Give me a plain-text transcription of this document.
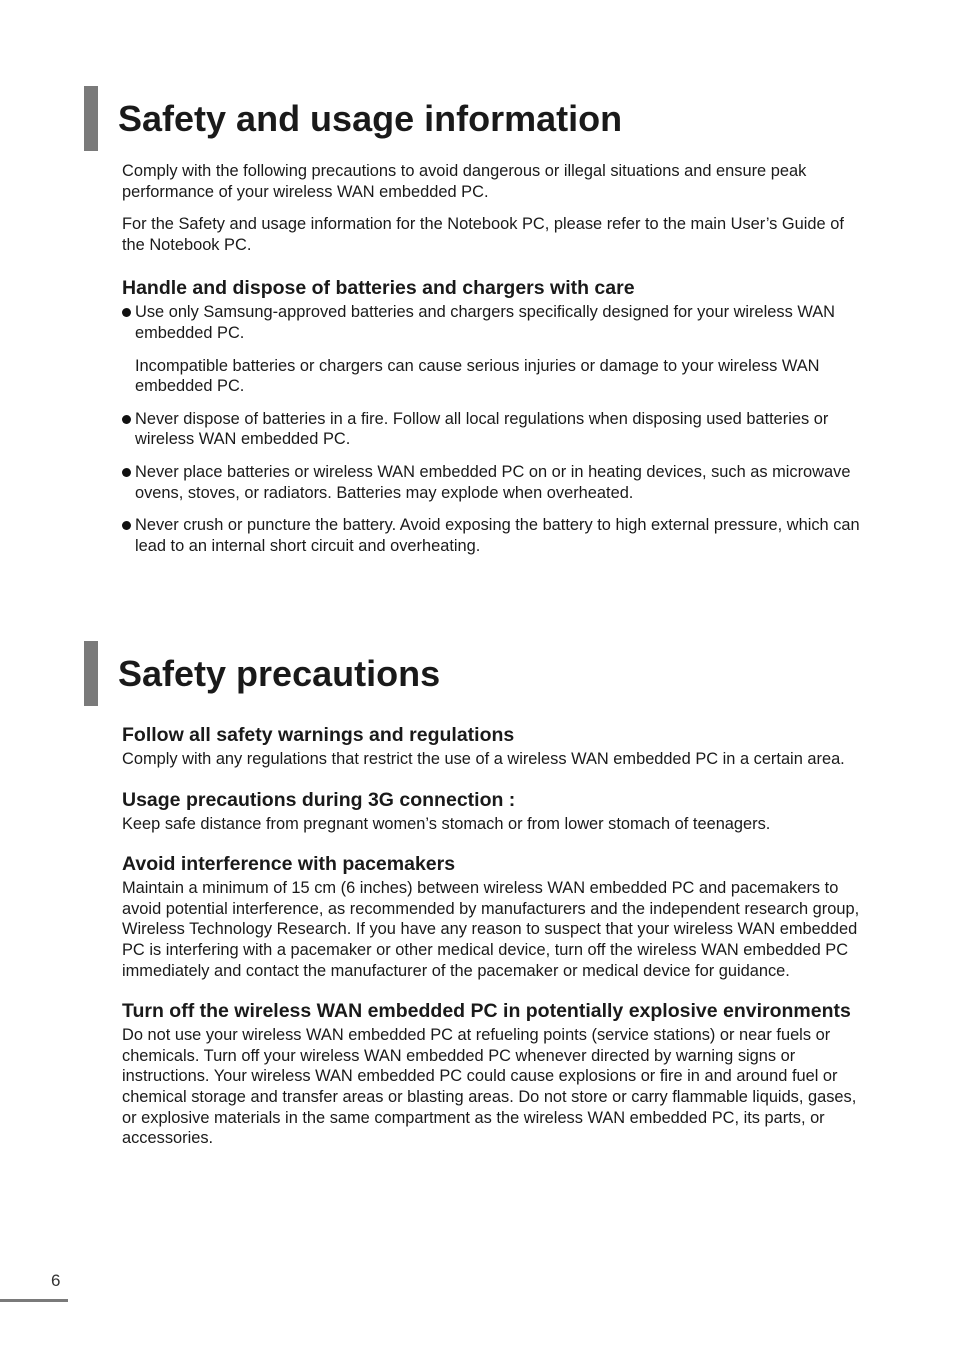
Safety and usage information

Comply with the following precautions to avoid dangerous or illegal situations and ensure peak performance of your wireless WAN embedded PC.

For the Safety and usage information for the Notebook PC, please refer to the main User’s Guide of the Notebook PC.

Handle and dispose of batteries and chargers with care

Use only Samsung-approved batteries and chargers specifically designed for your wireless WAN embedded PC.

Incompatible batteries or chargers can cause serious injuries or damage to your wireless WAN embedded PC.

Never dispose of batteries in a fire. Follow all local regulations when disposing used batteries or wireless WAN embedded PC.

Never place batteries or wireless WAN embedded PC on or in heating devices, such as microwave ovens, stoves, or radiators. Batteries may explode when overheated.

Never crush or puncture the battery. Avoid exposing the battery to high external pressure, which can lead to an internal short circuit and overheating.

Safety precautions
Follow all safety warnings and regulations

Comply with any regulations that restrict the use of a wireless WAN embedded PC in a certain area.

Usage precautions during 3G connection :

Keep safe distance from pregnant women’s stomach or from lower stomach of teenagers.

Avoid interference with pacemakers

Maintain a minimum of 15 cm (6 inches) between wireless WAN embedded PC and pacemakers to avoid potential interference, as recommended by manufacturers and the independent research group, Wireless Technology Research. If you have any reason to suspect that your wireless WAN embedded PC is interfering with a pacemaker or other medical device, turn off the wireless WAN embedded PC immediately and contact the manufacturer of the pacemaker or medical device for guidance.

Turn off the wireless WAN embedded PC in potentially explosive environments

Do not use your wireless WAN embedded PC at refueling points (service stations) or near fuels or chemicals. Turn off your wireless WAN embedded PC whenever directed by warning signs or instructions. Your wireless WAN embedded PC could cause explosions or fire in and around fuel or chemical storage and transfer areas or blasting areas. Do not store or carry flammable liquids, gases, or explosive materials in the same compartment as the wireless WAN embedded PC, its parts, or accessories.

6
